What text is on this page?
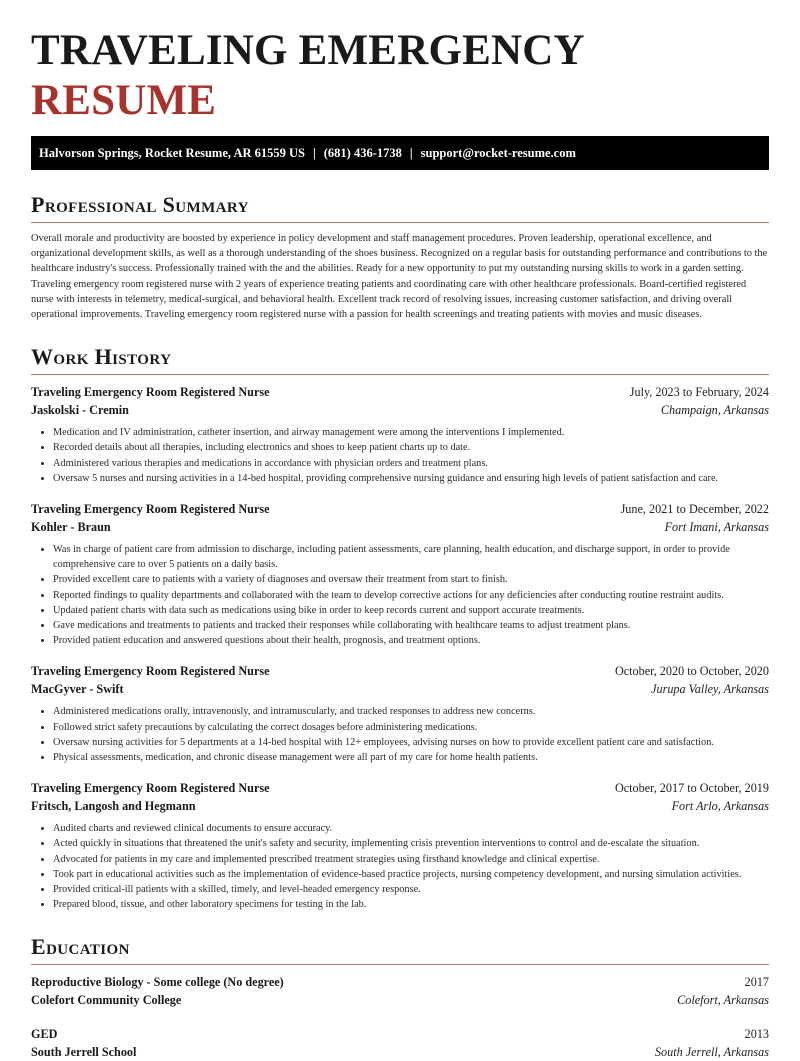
TRAVELING EMERGENCY RESUME
Halvorson Springs, Rocket Resume, AR 61559 US | (681) 436-1738 | support@rocket-resume.com
Professional Summary

Overall morale and productivity are boosted by experience in policy development and staff management procedures. Proven leadership, operational excellence, and organizational development skills, as well as a thorough understanding of the shoes business. Recognized on a regular basis for outstanding performance and contributions to the healthcare industry's success. Professionally trained with the and the abilities. Ready for a new opportunity to put my outstanding nursing skills to work in a garden setting. Traveling emergency room registered nurse with 2 years of experience treating patients and coordinating care with other healthcare professionals. Board-certified registered nurse with interests in telemetry, medical-surgical, and behavioral health. Excellent track record of resolving issues, increasing customer satisfaction, and driving overall operational improvements. Traveling emergency room registered nurse with a passion for health screenings and treating patients with movies and music diseases.

Work History
Traveling Emergency Room Registered Nurse	July, 2023 to February, 2024
Jaskolski - Cremin	Champaign, Arkansas
• Medication and IV administration, catheter insertion, and airway management were among the interventions I implemented.
• Recorded details about all therapies, including electronics and shoes to keep patient charts up to date.
• Administered various therapies and medications in accordance with physician orders and treatment plans.
• Oversaw 5 nurses and nursing activities in a 14-bed hospital, providing comprehensive nursing guidance and ensuring high levels of patient satisfaction and care.
Traveling Emergency Room Registered Nurse	June, 2021 to December, 2022
Kohler - Braun	Fort Imani, Arkansas
• Was in charge of patient care from admission to discharge, including patient assessments, care planning, health education, and discharge support, in order to provide comprehensive care to over 5 patients on a daily basis.
• Provided excellent care to patients with a variety of diagnoses and oversaw their treatment from start to finish.
• Reported findings to quality departments and collaborated with the team to develop corrective actions for any deficiencies after conducting routine restraint audits.
• Updated patient charts with data such as medications using bike in order to keep records current and support accurate treatments.
• Gave medications and treatments to patients and tracked their responses while collaborating with healthcare teams to adjust treatment plans.
• Provided patient education and answered questions about their health, prognosis, and treatment options.
Traveling Emergency Room Registered Nurse	October, 2020 to October, 2020
MacGyver - Swift	Jurupa Valley, Arkansas
• Administered medications orally, intravenously, and intramuscularly, and tracked responses to address new concerns.
• Followed strict safety precautions by calculating the correct dosages before administering medications.
• Oversaw nursing activities for 5 departments at a 14-bed hospital with 12+ employees, advising nurses on how to provide excellent patient care and satisfaction.
• Physical assessments, medication, and chronic disease management were all part of my care for home health patients.
Traveling Emergency Room Registered Nurse	October, 2017 to October, 2019
Fritsch, Langosh and Hegmann	Fort Arlo, Arkansas
• Audited charts and reviewed clinical documents to ensure accuracy.
• Acted quickly in situations that threatened the unit's safety and security, implementing crisis prevention interventions to control and de-escalate the situation.
• Advocated for patients in my care and implemented prescribed treatment strategies using firsthand knowledge and clinical expertise.
• Took part in educational activities such as the implementation of evidence-based practice projects, nursing competency development, and nursing simulation activities.
• Provided critical-ill patients with a skilled, timely, and level-headed emergency response.
• Prepared blood, tissue, and other laboratory specimens for testing in the lab.
Education
Reproductive Biology - Some college (No degree)	2017
Colefort Community College	Colefort, Arkansas
GED	2013
South Jerrell School	South Jerrell, Arkansas
